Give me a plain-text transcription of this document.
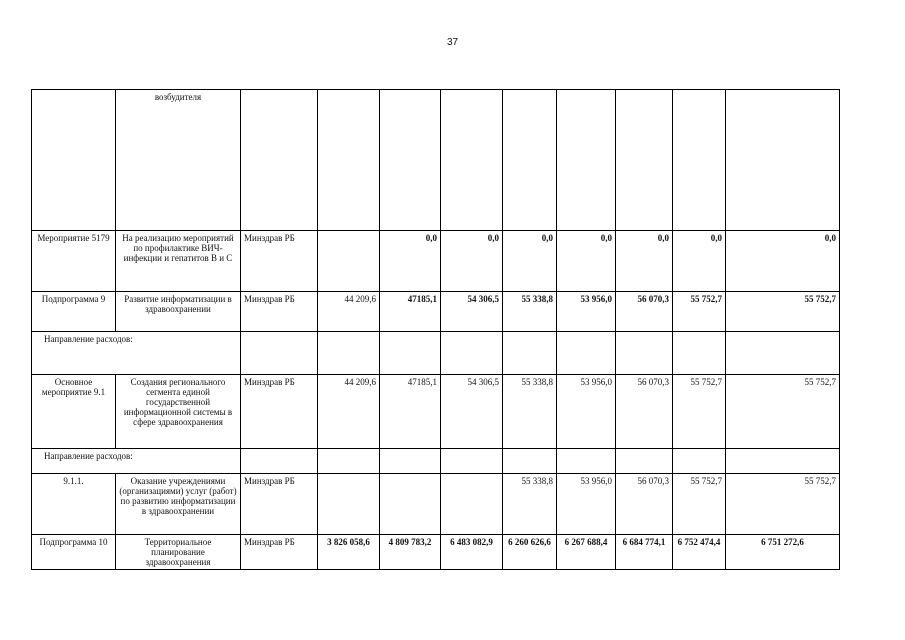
37
	возбудителя									
Мероприятие 5179	На реализацию мероприятий по профилактике ВИЧ-инфекции и гепатитов В и С	Минздрав РБ		0,0	0,0	0,0	0,0	0,0	0,0	0,0
Подпрограмма 9	Развитие информатизации в здравоохранении	Минздрав РБ	44 209,6	47185,1	54 306,5	55 338,8	53 956,0	56 070,3	55 752,7	55 752,7
Направление расходов:										
Основное мероприятие 9.1	Создания регионального сегмента единой государственной информационной системы в сфере здравоохранения	Минздрав РБ	44 209,6	47185,1	54 306,5	55 338,8	53 956,0	56 070,3	55 752,7	55 752,7
Направление расходов:										
9.1.1.	Оказание учреждениями (организациями) услуг (работ) по развитию информатизации в здравоохранении	Минздрав РБ				55 338,8	53 956,0	56 070,3	55 752,7	55 752,7
Подпрограмма 10	Территориальное планирование здравоохранения	Минздрав РБ	3 826 058,6	4 809 783,2	6 483 082,9	6 260 626,6	6 267 688,4	6 684 774,1	6 752 474,4	6 751 272,6
